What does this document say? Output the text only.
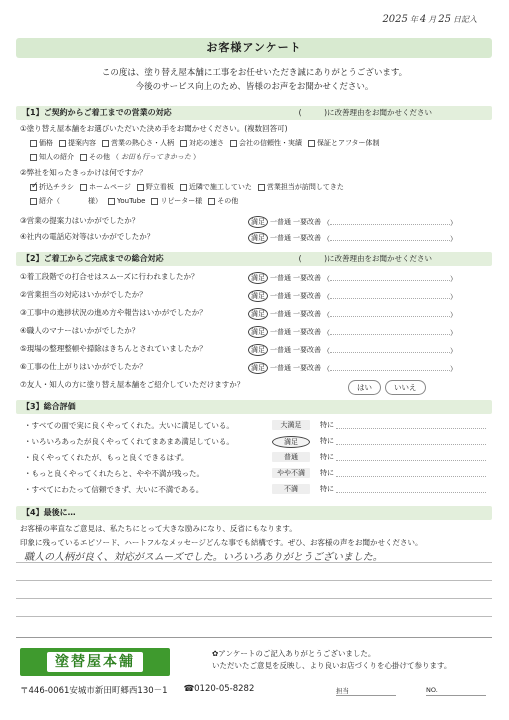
2025 年 4 月 25 日記入
お客様アンケート
この度は、塗り替え屋本舗に工事をお任せいただき誠にありがとうございます。
今後のサービス向上のため、皆様のお声をお聞かせください。
【1】ご契約からご着工までの営業の対応	(　　　)に改善理由をお聞かせください
①塗り替え屋本舗をお選びいただいた決め手をお聞かせください。(複数回答可)
価格 提案内容 営業の熱心さ・人柄 対応の速さ 会社の信頼性・実績 保証とアフター体制
知人の紹介 その他 （ お田も行ってきかった ）
②弊社を知ったきっかけは何ですか？
✓
折込チラシ ホームページ 野立看板 近隣で施工していた 営業担当が訪問してきた
紹介（　　　　様） YouTube リピーター様 その他
③営業の提案力はいかがでしたか？	満足 一普通 一要改善 （	）
④社内の電話応対等はいかがでしたか？	満足 一普通 一要改善 （	）
【2】ご着工からご完成までの総合対応	(　　　)に改善理由をお聞かせください
①着工段階での打合せはスムーズに行われましたか？	満足 一普通 一要改善 （	）
②営業担当の対応はいかがでしたか？	満足 一普通 一要改善 （	）
③工事中の進捗状況の進め方や報告はいかがでしたか？	満足 一普通 一要改善 （	）
④職人のマナーはいかがでしたか？	満足 一普通 一要改善 （	）
⑤現場の整理整頓や掃除はきちんとされていましたか？	満足 一普通 一要改善 （	）
⑥工事の仕上がりはいかがでしたか？	満足 一普通 一要改善 （	）
⑦友人・知人の方に塗り替え屋本舗をご紹介していただけますか？	はい	いいえ
【3】総合評価
・すべての面で実に良くやってくれた。大いに満足している。	大満足	特に
・いろいろあったが良くやってくれてまあまあ満足している。	満足	特に
・良くやってくれたが、もっと良くできるはず。	普通	特に
・もっと良くやってくれたらと、やや不満が残った。	やや不満	特に
・すべてにわたって信頼できず、大いに不満である。	不満	特に
【4】最後に…
お客様の率直なご意見は、私たちにとって大きな励みになり、反省にもなります。
印象に残っているエピソード、ハートフルなメッセージどんな事でも結構です。ぜひ、お客様の声をお聞かせください。
職人の人柄が良く、対応がスムーズでした。いろいろありがとうございました。
塗替屋本舗
〒446-0061安城市新田町郷西130－1 ☎0120-05-8282
✿アンケートのご記入ありがとうございました。
いただいたご意見を反映し、より良いお店づくりを心掛けて参ります。
担当	NO.
